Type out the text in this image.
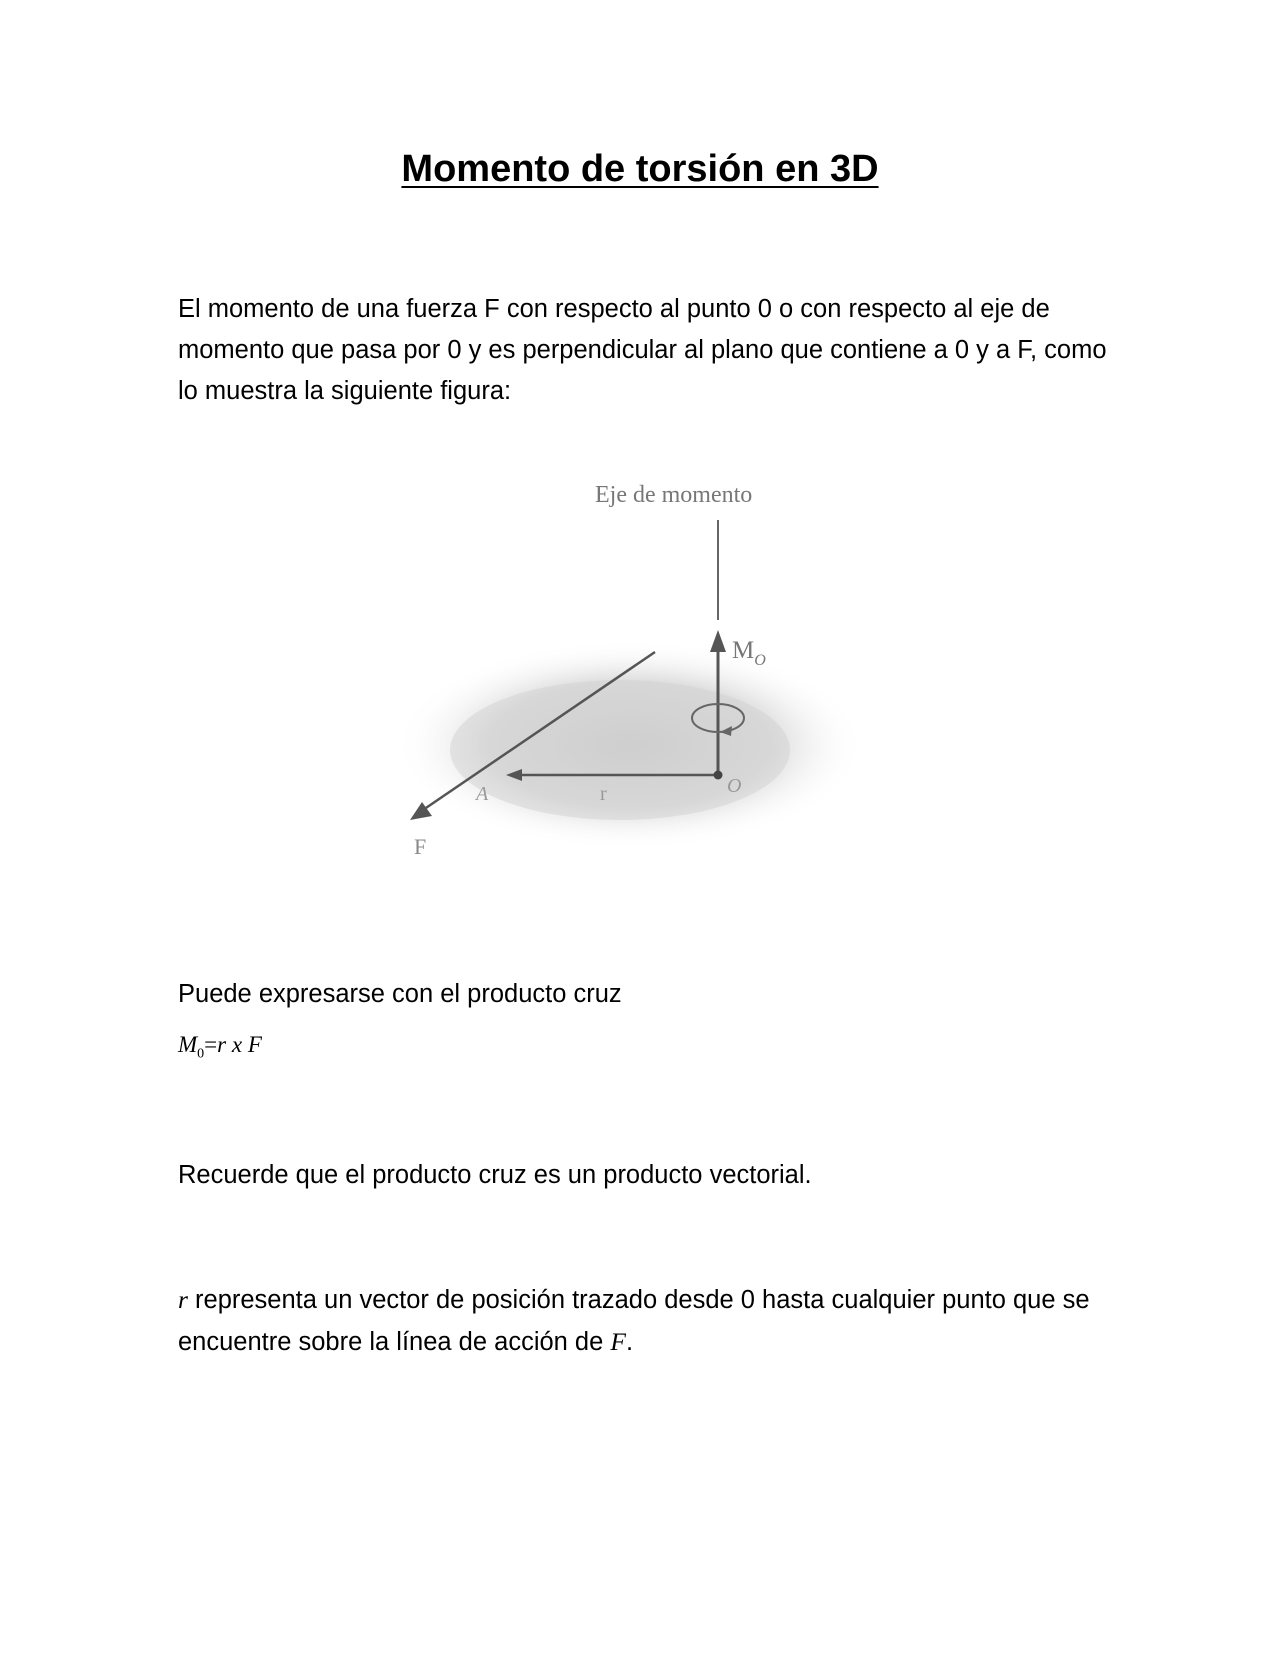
Momento de torsión en 3D

El momento de una fuerza F con respecto al punto 0 o con respecto al eje de momento que pasa por 0 y es perpendicular al plano que contiene a 0 y a F, como lo muestra la siguiente figura:

Eje de momento
$M_O$
O
A	r
F

Puede expresarse con el producto cruz

$M_0=r$ x F

Recuerde que el producto cruz es un producto vectorial.

r representa un vector de posición trazado desde 0 hasta cualquier punto que se encuentre sobre la línea de acción de F.
